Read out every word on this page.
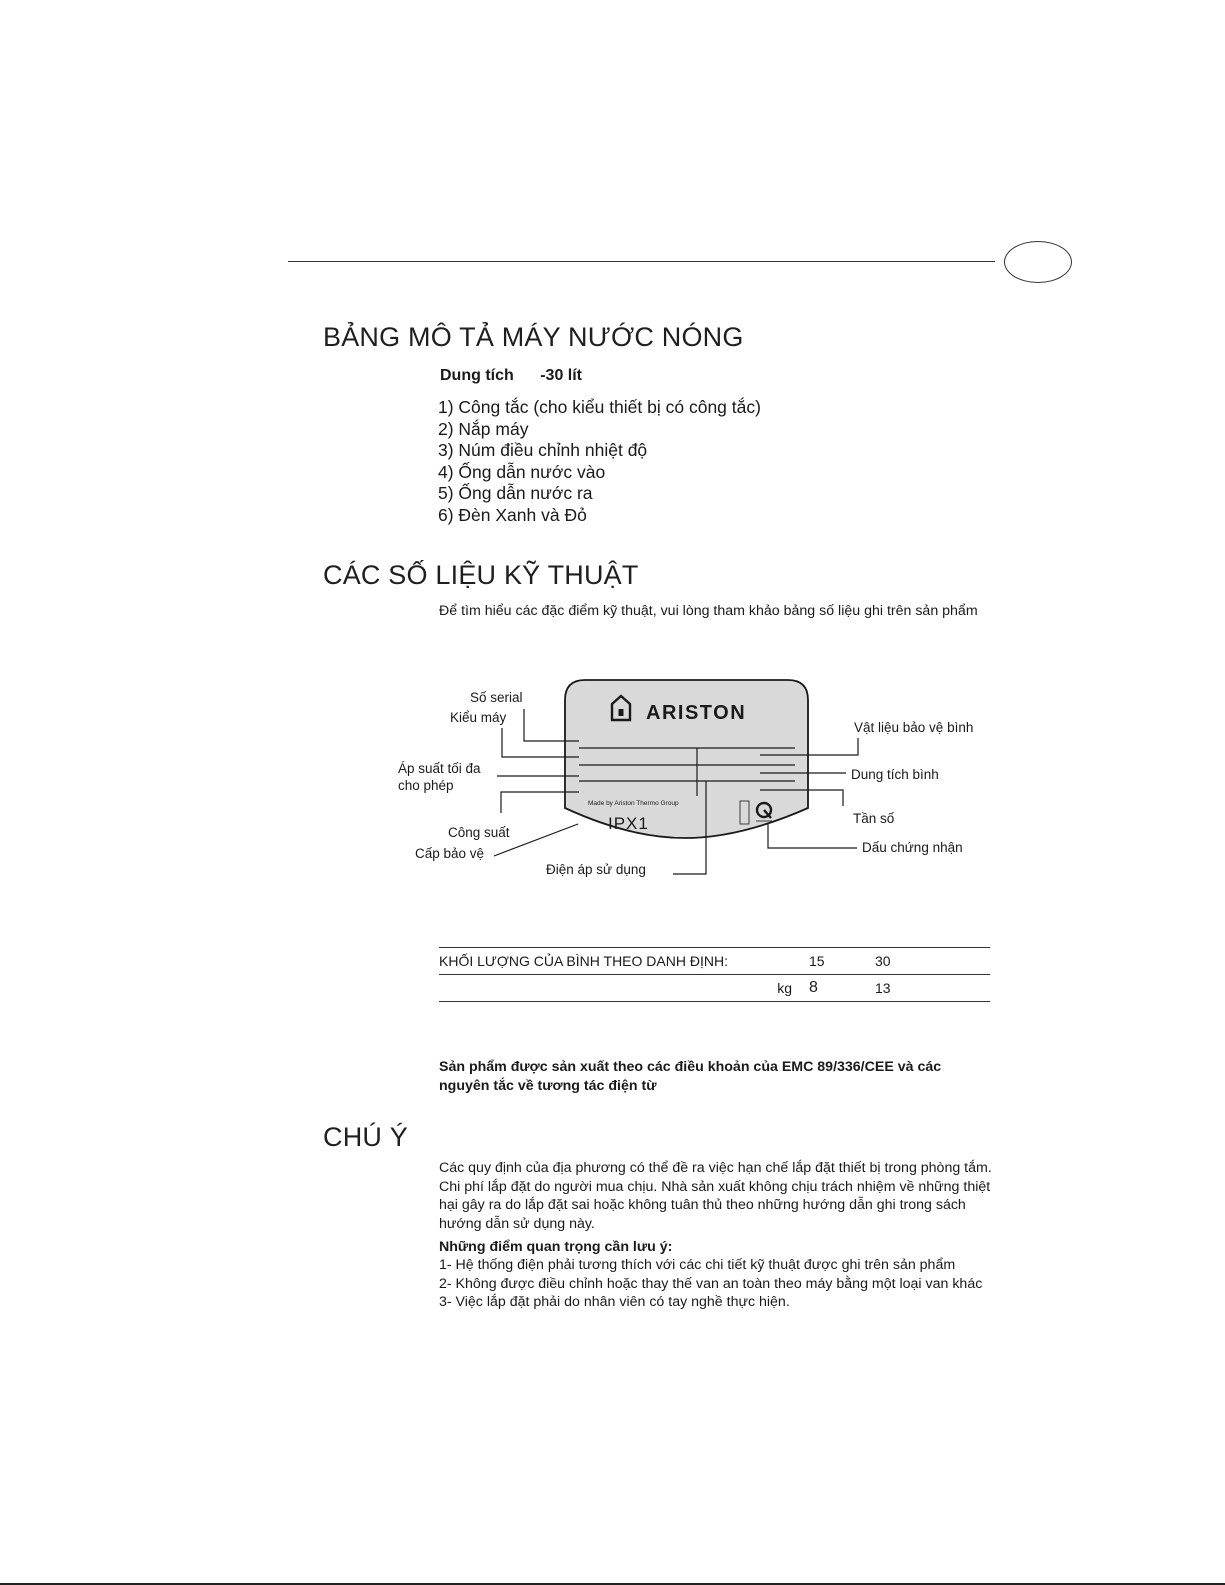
BẢNG MÔ TẢ MÁY NƯỚC NÓNG
Dung tích -30 lít
1) Công tắc (cho kiểu thiết bị có công tắc)
2) Nắp máy
3) Núm điều chỉnh nhiệt độ
4) Ống dẫn nước vào
5) Ống dẫn nước ra
6) Đèn Xanh và Đỏ
CÁC SỐ LIỆU KỸ THUẬT
Để tìm hiểu các đặc điểm kỹ thuật, vui lòng tham khảo bảng số liệu ghi trên sản phẩm
ARISTON
Made by Ariston Thermo Group
IPX1
Số serial
Kiểu máy
Áp suất tối đa
cho phép
Công suất
Cấp bảo vệ
Điện áp sử dụng
Vật liệu bảo vệ bình
Dung tích bình
Tần số
Dấu chứng nhận
KHỐI LƯỢNG CỦA BÌNH THEO DANH ĐỊNH:	15	30
kg	8	13
Sản phẩm được sản xuất theo các điều khoản của EMC 89/336/CEE và các nguyên tắc về tương tác điện từ
CHÚ Ý
Các quy định của địa phương có thể đề ra việc hạn chế lắp đặt thiết bị trong phòng tắm. Chi phí lắp đặt do người mua chịu. Nhà sản xuất không chịu trách nhiệm về những thiệt hại gây ra do lắp đặt sai hoặc không tuân thủ theo những hướng dẫn ghi trong sách hướng dẫn sử dụng này.
Những điểm quan trọng cần lưu ý:
1- Hệ thống điện phải tương thích với các chi tiết kỹ thuật được ghi trên sản phẩm
2- Không được điều chỉnh hoặc thay thế van an toàn theo máy bằng một loại van khác
3- Việc lắp đặt phải do nhân viên có tay nghề thực hiện.
